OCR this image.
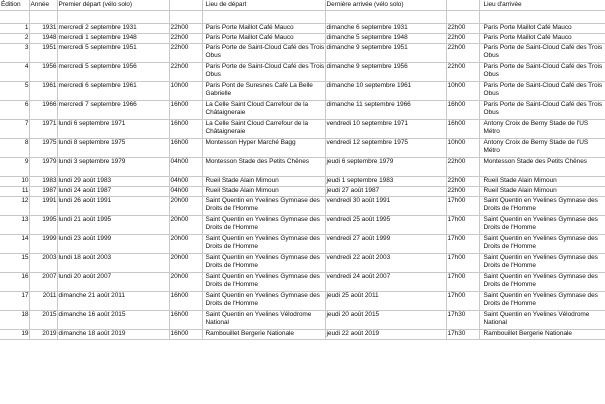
Édition	Année	Premier départ (vélo solo)		Lieu de départ	Dernière arrivée (vélo solo)		Lieu d'arrivée

1	1931	mercredi 2 septembre 1931	22h00	Paris Porte Maillot Café Mauco	dimanche 6 septembre 1931	22h00	Paris Porte Maillot Café Mauco
2	1948	mercredi 1 septembre 1948	22h00	Paris Porte Maillot Café Mauco	dimanche 5 septembre 1948	22h00	Paris Porte Maillot Café Mauco
3	1951	mercredi 5 septembre 1951	22h00	Paris Porte de Saint-Cloud Café des Trois Obus	dimanche 9 septembre 1951	22h00	Paris Porte de Saint-Cloud Café des Trois Obus
4	1956	mercredi 5 septembre 1956	22h00	Paris Porte de Saint-Cloud Café des Trois Obus	dimanche 9 septembre 1956	22h00	Paris Porte de Saint-Cloud Café des Trois Obus
5	1961	mercredi 6 septembre 1961	10h00	Paris Pont de Suresnes Café La Belle Gabrielle	dimanche 10 septembre 1961	10h00	Paris Porte de Saint-Cloud Café des Trois Obus
6	1966	mercredi 7 septembre 1966	16h00	La Celle Saint Cloud Carrefour de la Châtaigneraie	dimanche 11 septembre 1966	16h00	Paris Porte de Saint-Cloud Café des Trois Obus
7	1971	lundi 6 septembre 1971	16h00	La Celle Saint Cloud Carrefour de la Châtaigneraie	vendredi 10 septembre 1971	16h00	Antony Croix de Berny Stade de l'US Métro
8	1975	lundi 8 septembre 1975	16h00	Montesson Hyper Marché Bagg	vendredi 12 septembre 1975	10h00	Antony Croix de Berny Stade de l'US Métro
9	1979	lundi 3 septembre 1979	04h00	Montesson Stade des Petits Chênes	jeudi 6 septembre 1979	22h00	Montesson Stade des Petits Chênes
10	1983	lundi 29 août 1983	04h00	Rueil Stade Alain Mimoun	jeudi 1 septembre 1983	22h00	Rueil Stade Alain Mimoun
11	1987	lundi 24 août 1987	04h00	Rueil Stade Alain Mimoun	jeudi 27 août 1987	22h00	Rueil Stade Alain Mimoun
12	1991	lundi 26 août 1991	20h00	Saint Quentin en Yvelines Gymnase des Droits de l'Homme	vendredi 30 août 1991	17h00	Saint Quentin en Yvelines Gymnase des Droits de l'Homme
13	1995	lundi 21 août 1995	20h00	Saint Quentin en Yvelines Gymnase des Droits de l'Homme	vendredi 25 août 1995	17h00	Saint Quentin en Yvelines Gymnase des Droits de l'Homme
14	1999	lundi 23 août 1999	20h00	Saint Quentin en Yvelines Gymnase des Droits de l'Homme	vendredi 27 août 1999	17h00	Saint Quentin en Yvelines Gymnase des Droits de l'Homme
15	2003	lundi 18 août 2003	20h00	Saint Quentin en Yvelines Gymnase des Droits de l'Homme	vendredi 22 août 2003	17h00	Saint Quentin en Yvelines Gymnase des Droits de l'Homme
16	2007	lundi 20 août 2007	20h00	Saint Quentin en Yvelines Gymnase des Droits de l'Homme	vendredi 24 août 2007	17h00	Saint Quentin en Yvelines Gymnase des Droits de l'Homme
17	2011	dimanche 21 août 2011	16h00	Saint Quentin en Yvelines Gymnase des Droits de l'Homme	jeudi 25 août 2011	17h00	Saint Quentin en Yvelines Gymnase des Droits de l'Homme
18	2015	dimanche 16 août 2015	16h00	Saint Quentin en Yvelines Vélodrome National	jeudi 20 août 2015	17h30	Saint Quentin en Yvelines Vélodrome National
19	2019	dimanche 18 août 2019	16h00	Rambouillet Bergerie Nationale	jeudi 22 août 2019	17h30	Rambouillet Bergerie Nationale
